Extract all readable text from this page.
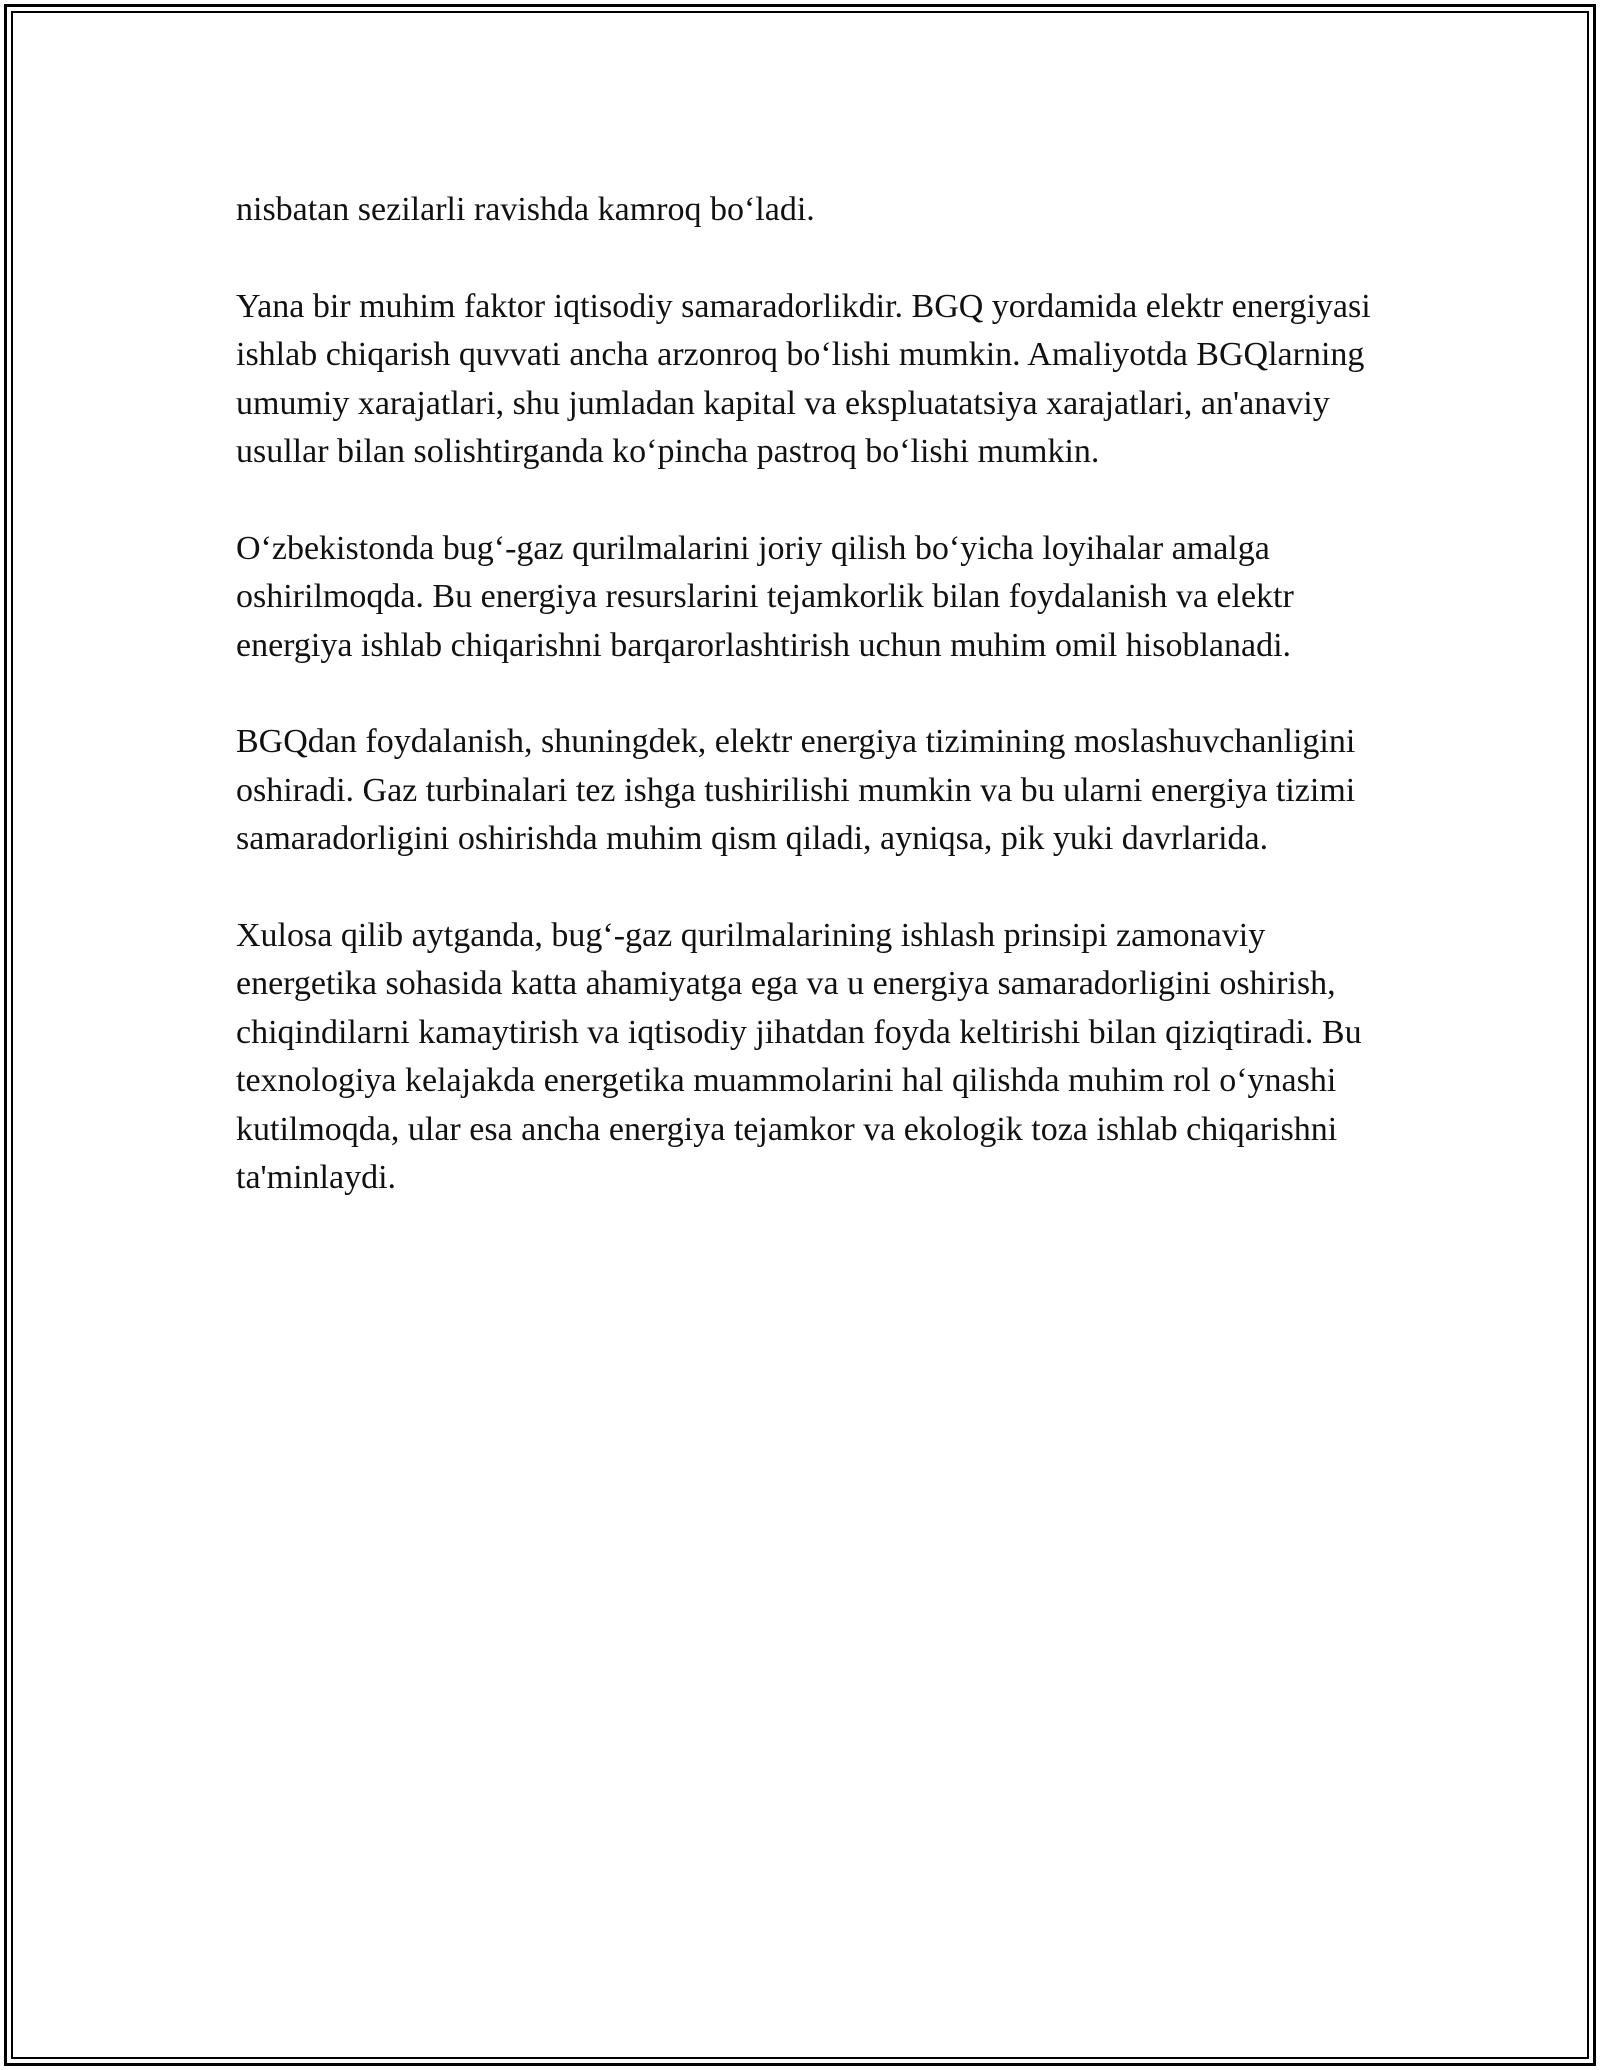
nisbatan sezilarli ravishda kamroq bo‘ladi.

Yana bir muhim faktor iqtisodiy samaradorlikdir. BGQ yordamida elektr energiyasi ishlab chiqarish quvvati ancha arzonroq bo‘lishi mumkin. Amaliyotda BGQlarning umumiy xarajatlari, shu jumladan kapital va ekspluatatsiya xarajatlari, an'anaviy usullar bilan solishtirganda ko‘pincha pastroq bo‘lishi mumkin.

O‘zbekistonda bug‘-gaz qurilmalarini joriy qilish bo‘yicha loyihalar amalga oshirilmoqda. Bu energiya resurslarini tejamkorlik bilan foydalanish va elektr energiya ishlab chiqarishni barqarorlashtirish uchun muhim omil hisoblanadi.

BGQdan foydalanish, shuningdek, elektr energiya tizimining moslashuvchanligini oshiradi. Gaz turbinalari tez ishga tushirilishi mumkin va bu ularni energiya tizimi samaradorligini oshirishda muhim qism qiladi, ayniqsa, pik yuki davrlarida.

Xulosa qilib aytganda, bug‘-gaz qurilmalarining ishlash prinsipi zamonaviy energetika sohasida katta ahamiyatga ega va u energiya samaradorligini oshirish, chiqindilarni kamaytirish va iqtisodiy jihatdan foyda keltirishi bilan qiziqtiradi. Bu texnologiya kelajakda energetika muammolarini hal qilishda muhim rol o‘ynashi kutilmoqda, ular esa ancha energiya tejamkor va ekologik toza ishlab chiqarishni ta'minlaydi.
